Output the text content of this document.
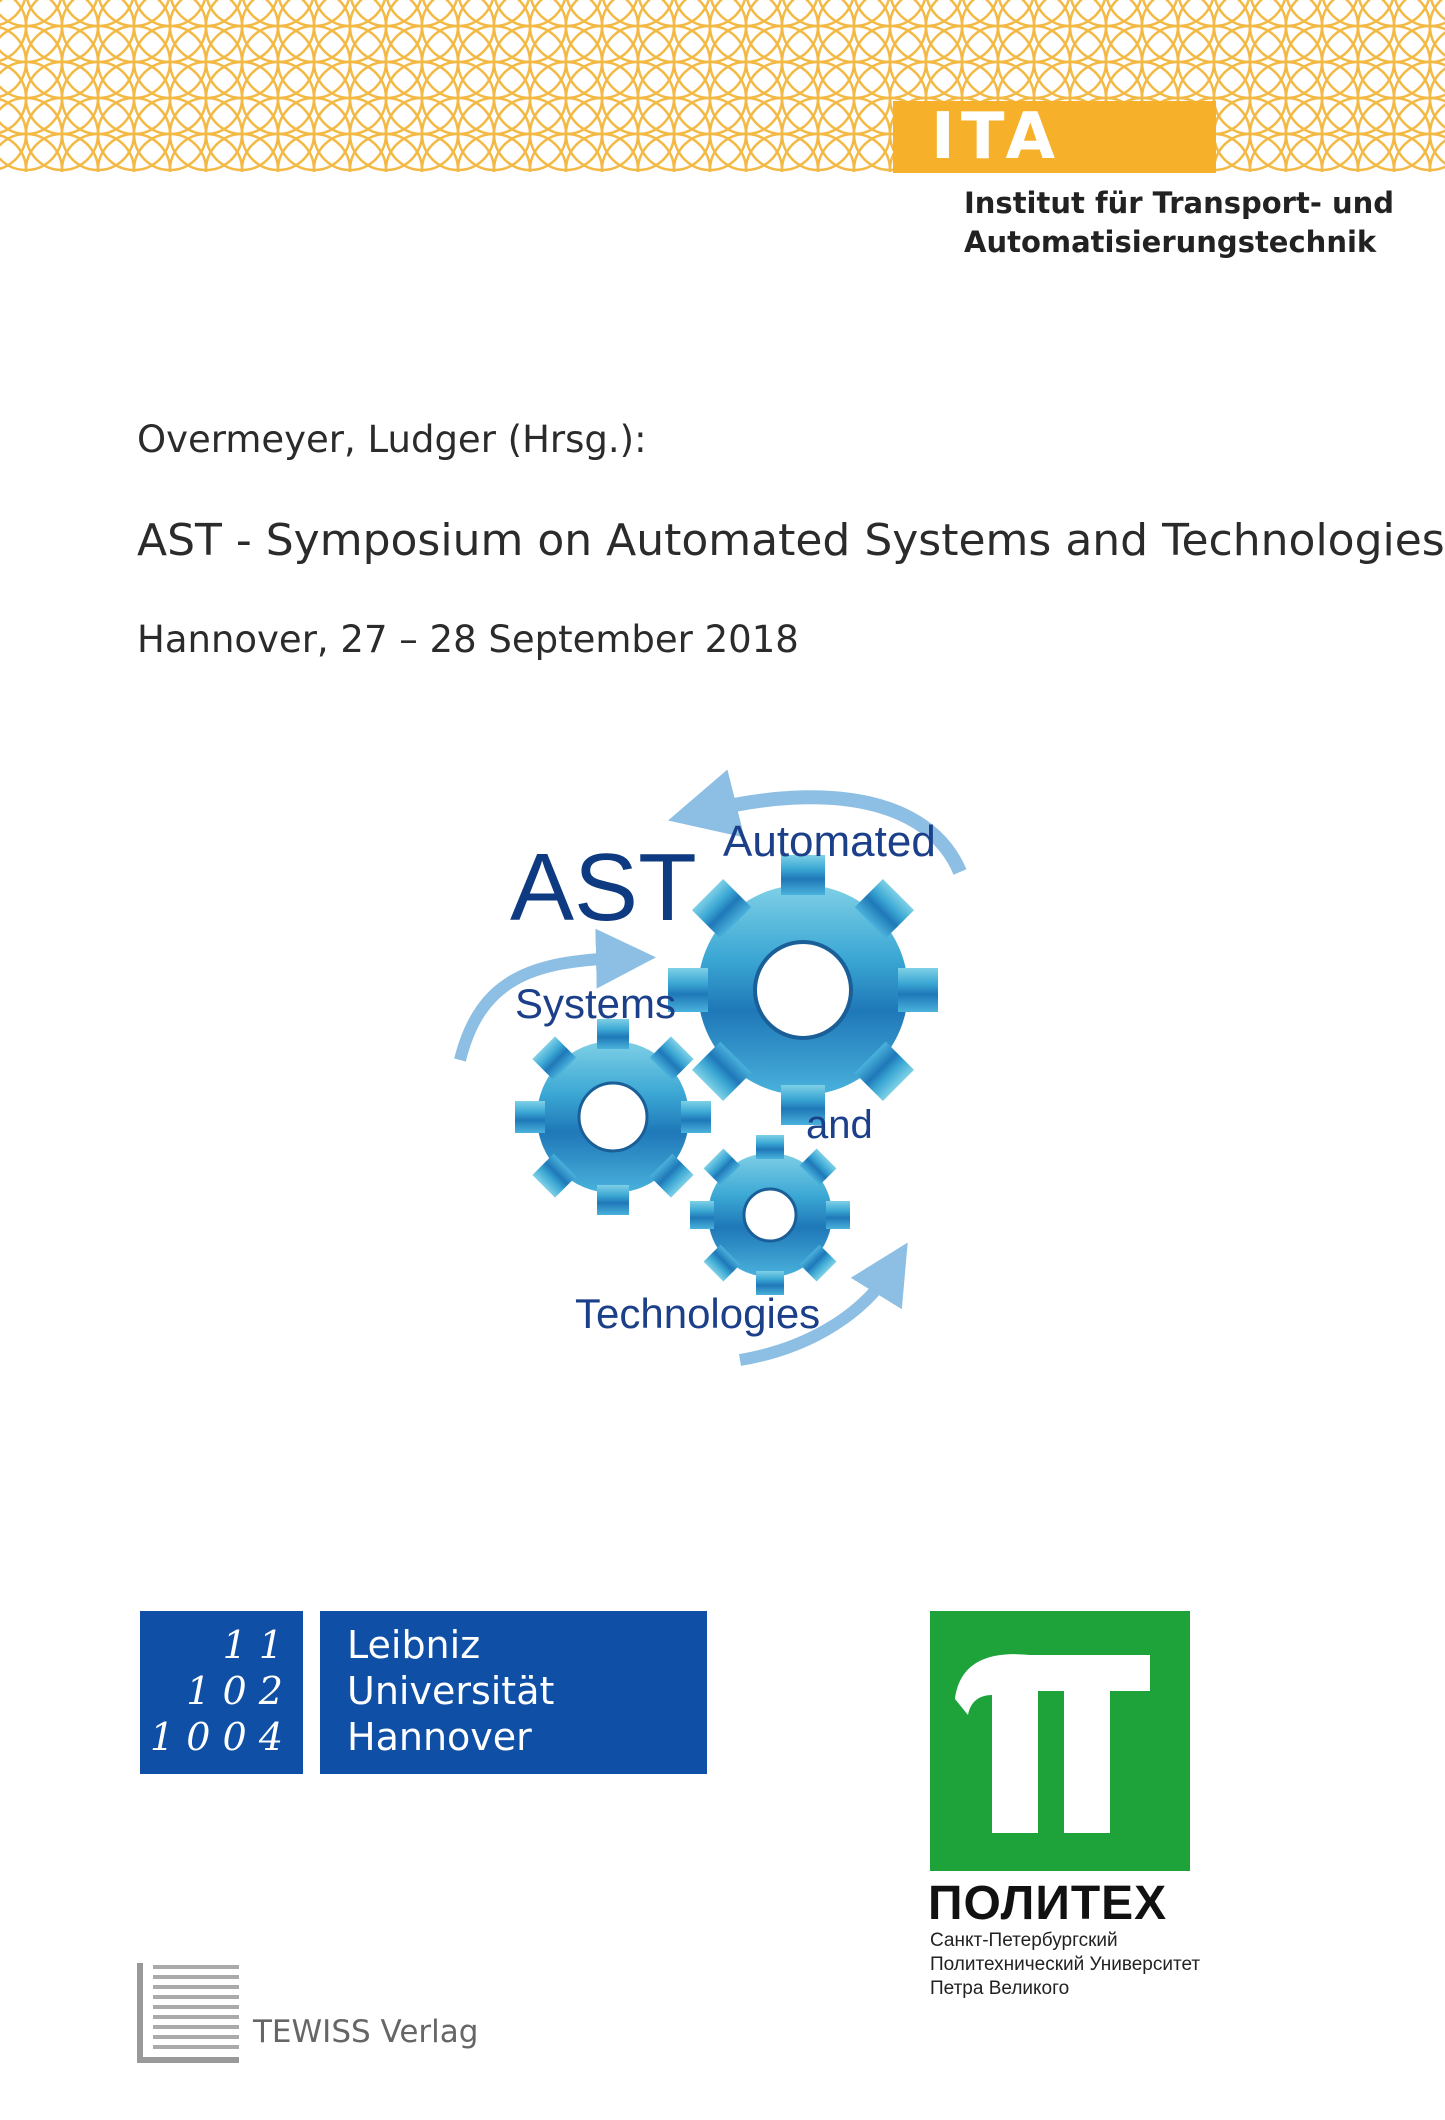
ITA
Institut für Transport- und
Automatisierungstechnik
Overmeyer, Ludger (Hrsg.):
AST - Symposium on Automated Systems and Technologies
Hannover, 27 – 28 September 2018
AST Automated
Systems
and
Technologies
1 1
1 0 2
1 0 0 4
Leibniz
Universität
Hannover
ПОЛИТЕХ
Санкт-Петербургский
Политехнический Университет
Петра Великого
TEWISS Verlag
